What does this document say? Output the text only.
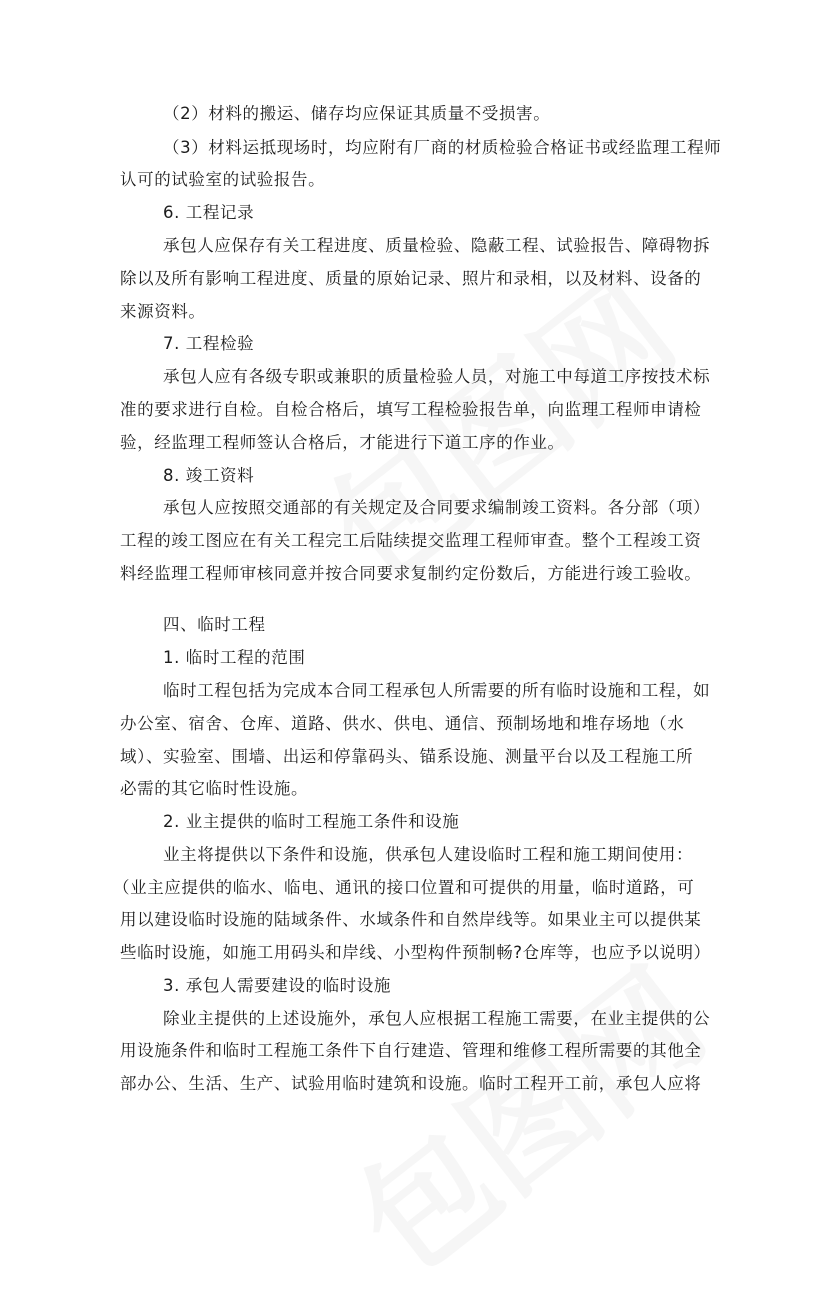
（2）材料的搬运、储存均应保证其质量不受损害。
（3）材料运抵现场时，均应附有厂商的材质检验合格证书或经监理工程师
认可的试验室的试验报告。
6. 工程记录
承包人应保存有关工程进度、质量检验、隐蔽工程、试验报告、障碍物拆
除以及所有影响工程进度、质量的原始记录、照片和录相，以及材料、设备的
来源资料。
7. 工程检验
承包人应有各级专职或兼职的质量检验人员，对施工中每道工序按技术标
准的要求进行自检。自检合格后，填写工程检验报告单，向监理工程师申请检
验，经监理工程师签认合格后，才能进行下道工序的作业。
8. 竣工资料
承包人应按照交通部的有关规定及合同要求编制竣工资料。各分部（项）
工程的竣工图应在有关工程完工后陆续提交监理工程师审查。整个工程竣工资
料经监理工程师审核同意并按合同要求复制约定份数后，方能进行竣工验收。
四、临时工程
1. 临时工程的范围
临时工程包括为完成本合同工程承包人所需要的所有临时设施和工程，如
办公室、宿舍、仓库、道路、供水、供电、通信、预制场地和堆存场地（水
域）、实验室、围墙、出运和停靠码头、锚系设施、测量平台以及工程施工所
必需的其它临时性设施。
2. 业主提供的临时工程施工条件和设施
业主将提供以下条件和设施，供承包人建设临时工程和施工期间使用：
（业主应提供的临水、临电、通讯的接口位置和可提供的用量，临时道路，可
用以建设临时设施的陆域条件、水域条件和自然岸线等。如果业主可以提供某
些临时设施，如施工用码头和岸线、小型构件预制畅?仓库等，也应予以说明）
3. 承包人需要建设的临时设施
除业主提供的上述设施外，承包人应根据工程施工需要，在业主提供的公
用设施条件和临时工程施工条件下自行建造、管理和维修工程所需要的其他全
部办公、生活、生产、试验用临时建筑和设施。临时工程开工前，承包人应将
